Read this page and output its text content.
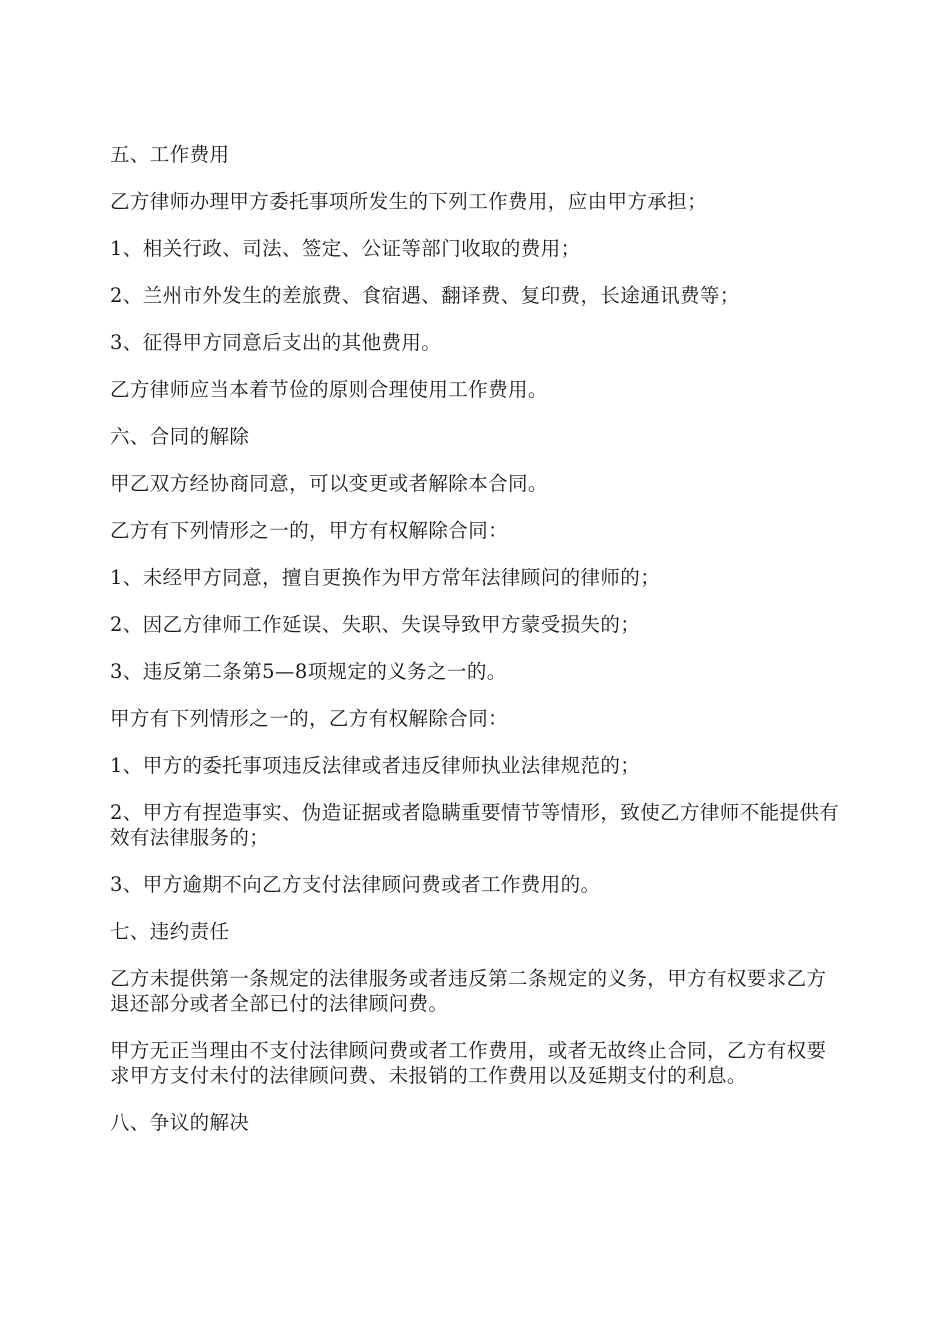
五、工作费用

乙方律师办理甲方委托事项所发生的下列工作费用，应由甲方承担；

1、相关行政、司法、签定、公证等部门收取的费用；

2、兰州市外发生的差旅费、食宿遇、翻译费、复印费，长途通讯费等；

3、征得甲方同意后支出的其他费用。

乙方律师应当本着节俭的原则合理使用工作费用。

六、合同的解除

甲乙双方经协商同意，可以变更或者解除本合同。

乙方有下列情形之一的，甲方有权解除合同：

1、未经甲方同意，擅自更换作为甲方常年法律顾问的律师的；

2、因乙方律师工作延误、失职、失误导致甲方蒙受损失的；

3、违反第二条第5—8项规定的义务之一的。

甲方有下列情形之一的，乙方有权解除合同：

1、甲方的委托事项违反法律或者违反律师执业法律规范的；

2、甲方有捏造事实、伪造证据或者隐瞒重要情节等情形，致使乙方律师不能提供有效有法律服务的；

3、甲方逾期不向乙方支付法律顾问费或者工作费用的。

七、违约责任

乙方未提供第一条规定的法律服务或者违反第二条规定的义务，甲方有权要求乙方退还部分或者全部已付的法律顾问费。

甲方无正当理由不支付法律顾问费或者工作费用，或者无故终止合同，乙方有权要求甲方支付未付的法律顾问费、未报销的工作费用以及延期支付的利息。

八、争议的解决
